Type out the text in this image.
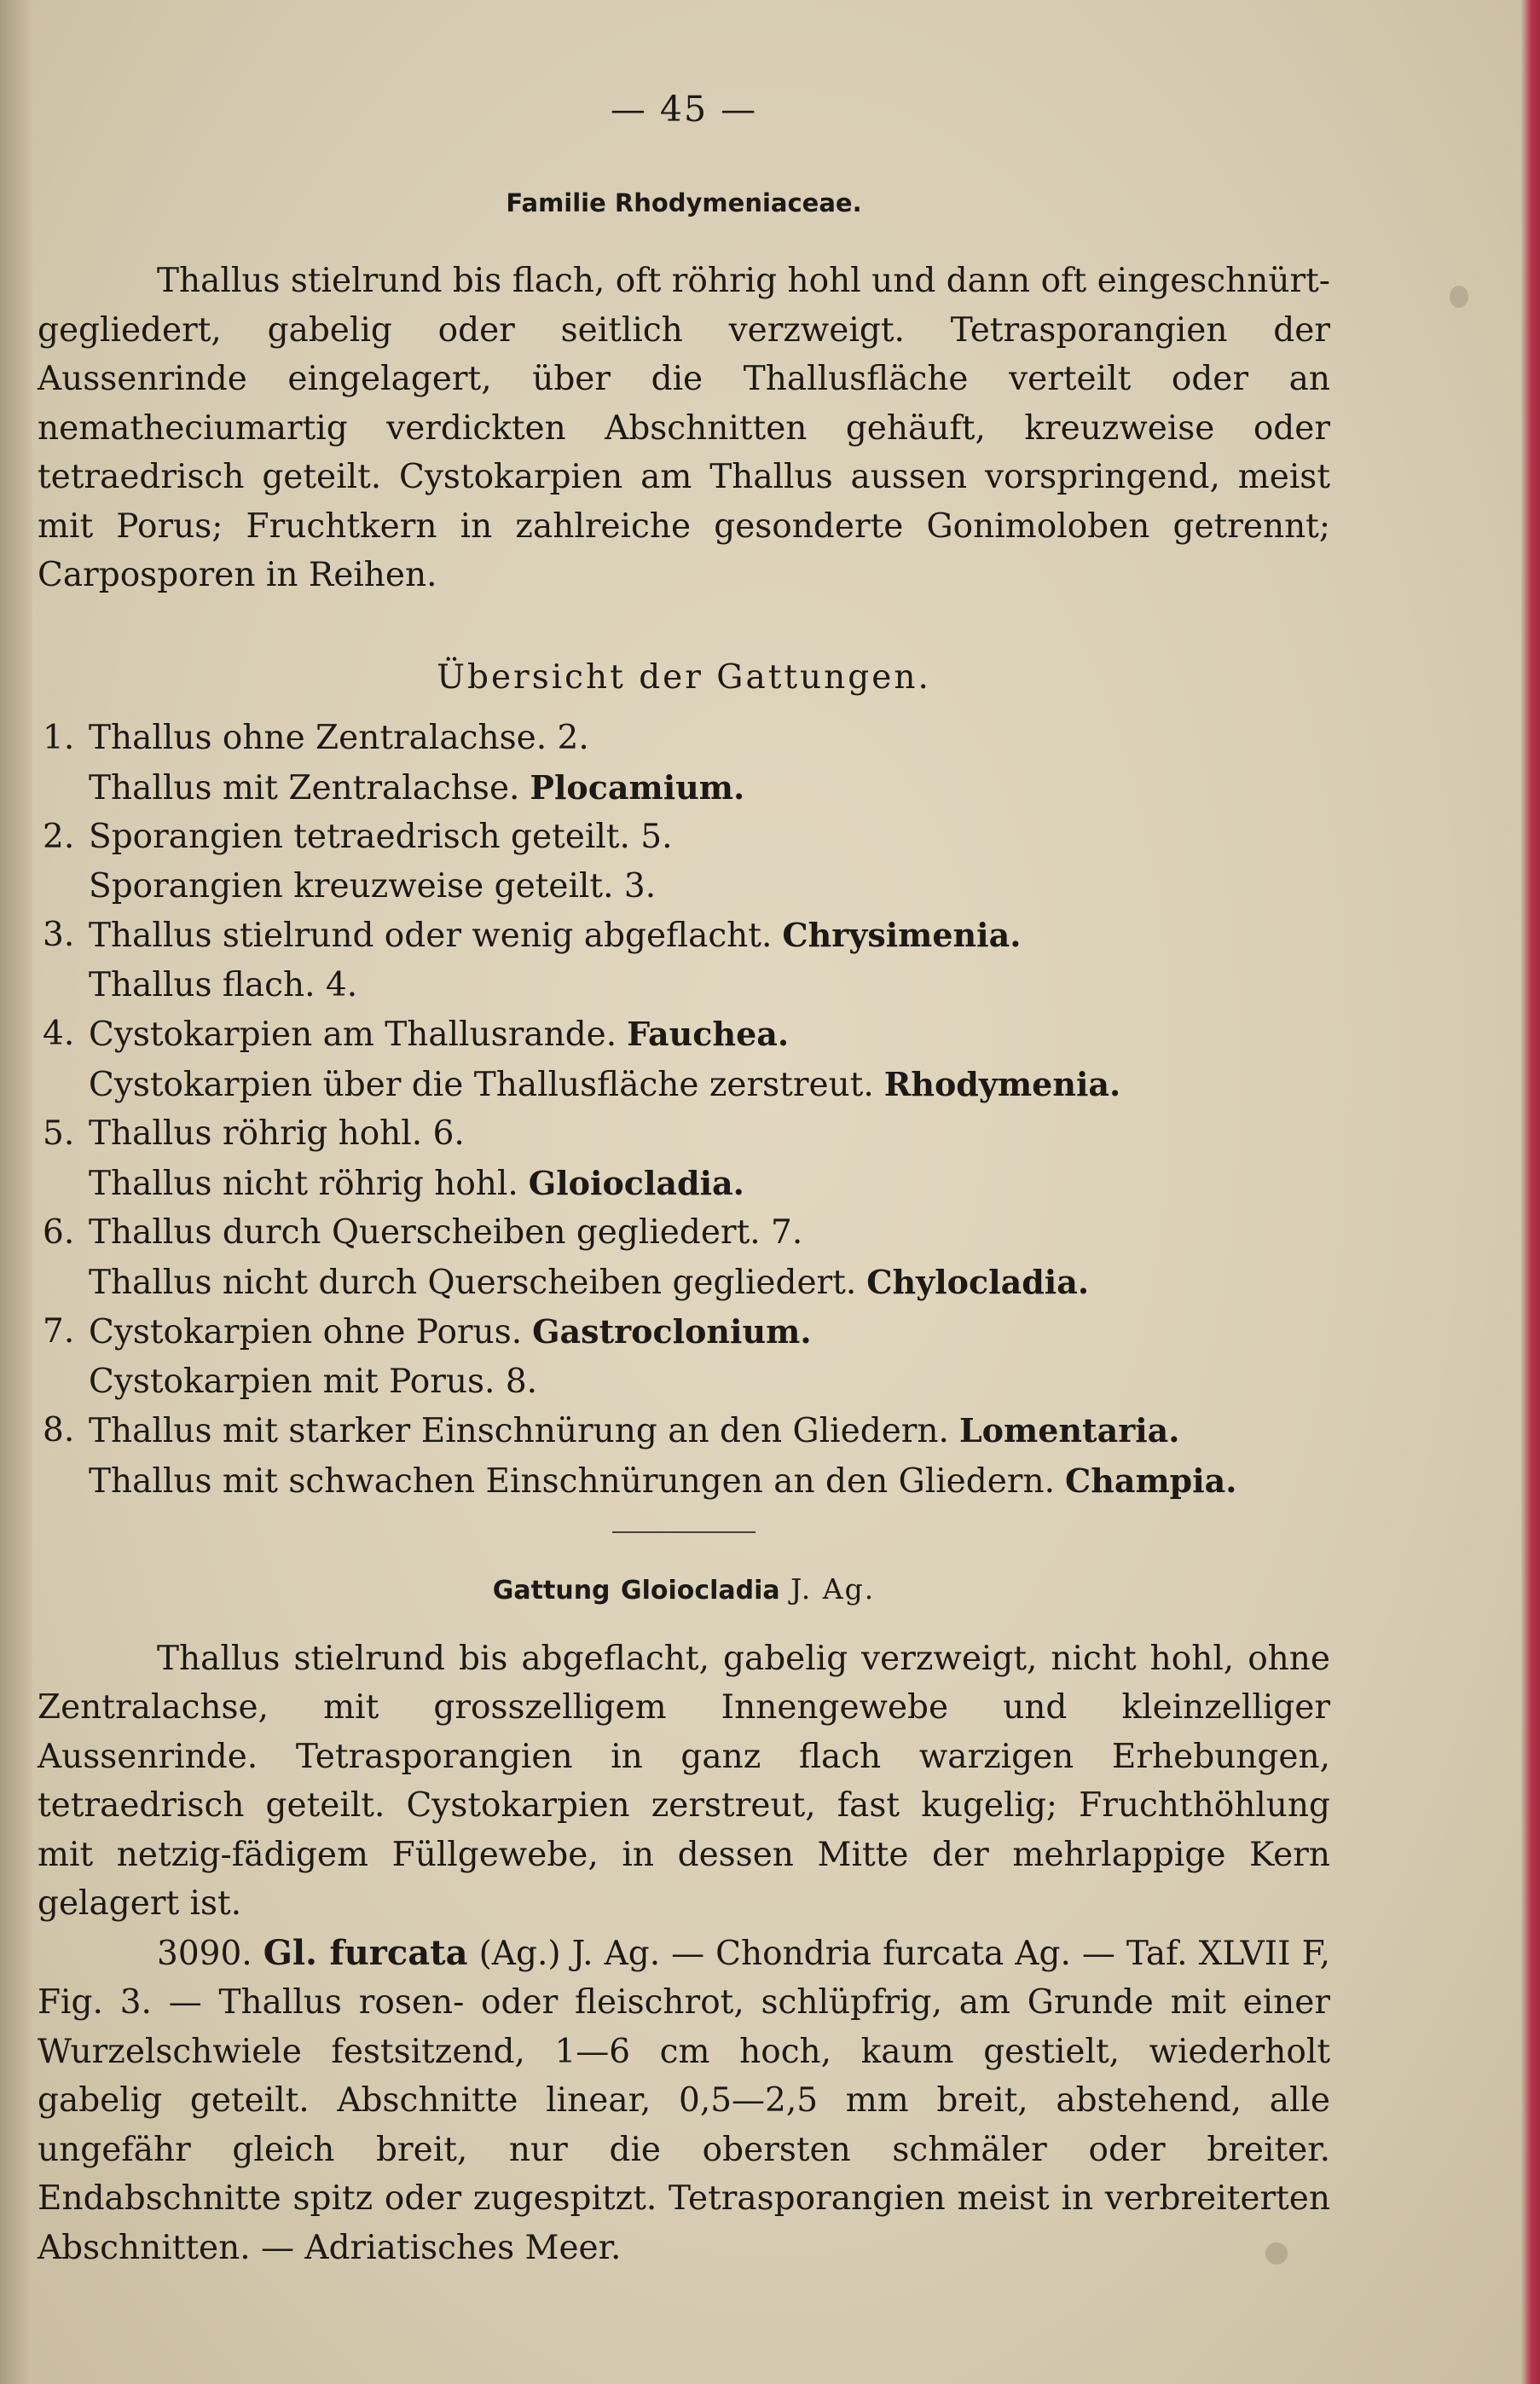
— 45 —
Familie Rhodymeniaceae.

Thallus stielrund bis flach, oft röhrig hohl und dann oft eingeschnürt-gegliedert, gabelig oder seitlich verzweigt. Tetrasporangien der Aussenrinde eingelagert, über die Thallusfläche verteilt oder an nematheciumartig verdickten Abschnitten gehäuft, kreuzweise oder tetraedrisch geteilt. Cystokarpien am Thallus aussen vorspringend, meist mit Porus; Fruchtkern in zahlreiche gesonderte Gonimoloben getrennt; Carposporen in Reihen.

Übersicht der Gattungen.
1. Thallus ohne Zentralachse. 2.
Thallus mit Zentralachse. Plocamium.
2. Sporangien tetraedrisch geteilt. 5.
Sporangien kreuzweise geteilt. 3.
3. Thallus stielrund oder wenig abgeflacht. Chrysimenia.
Thallus flach. 4.
4. Cystokarpien am Thallusrande. Fauchea.
Cystokarpien über die Thallusfläche zerstreut. Rhodymenia.
5. Thallus röhrig hohl. 6.
Thallus nicht röhrig hohl. Gloiocladia.
6. Thallus durch Querscheiben gegliedert. 7.
Thallus nicht durch Querscheiben gegliedert. Chylocladia.
7. Cystokarpien ohne Porus. Gastroclonium.
Cystokarpien mit Porus. 8.
8. Thallus mit starker Einschnürung an den Gliedern. Lomentaria.
Thallus mit schwachen Einschnürungen an den Gliedern. Champia.
Gattung Gloiocladia J. Ag.

Thallus stielrund bis abgeflacht, gabelig verzweigt, nicht hohl, ohne Zentralachse, mit grosszelligem Innengewebe und kleinzelliger Aussenrinde. Tetrasporangien in ganz flach warzigen Erhebungen, tetraedrisch geteilt. Cystokarpien zerstreut, fast kugelig; Fruchthöhlung mit netzig-fädigem Füllgewebe, in dessen Mitte der mehrlappige Kern gelagert ist.

3090. Gl. furcata (Ag.) J. Ag. — Chondria furcata Ag. — Taf. XLVII F, Fig. 3. — Thallus rosen- oder fleischrot, schlüpfrig, am Grunde mit einer Wurzelschwiele festsitzend, 1—6 cm hoch, kaum gestielt, wiederholt gabelig geteilt. Abschnitte linear, 0,5—2,5 mm breit, abstehend, alle ungefähr gleich breit, nur die obersten schmäler oder breiter. Endabschnitte spitz oder zugespitzt. Tetrasporangien meist in verbreiterten Abschnitten. — Adriatisches Meer.
